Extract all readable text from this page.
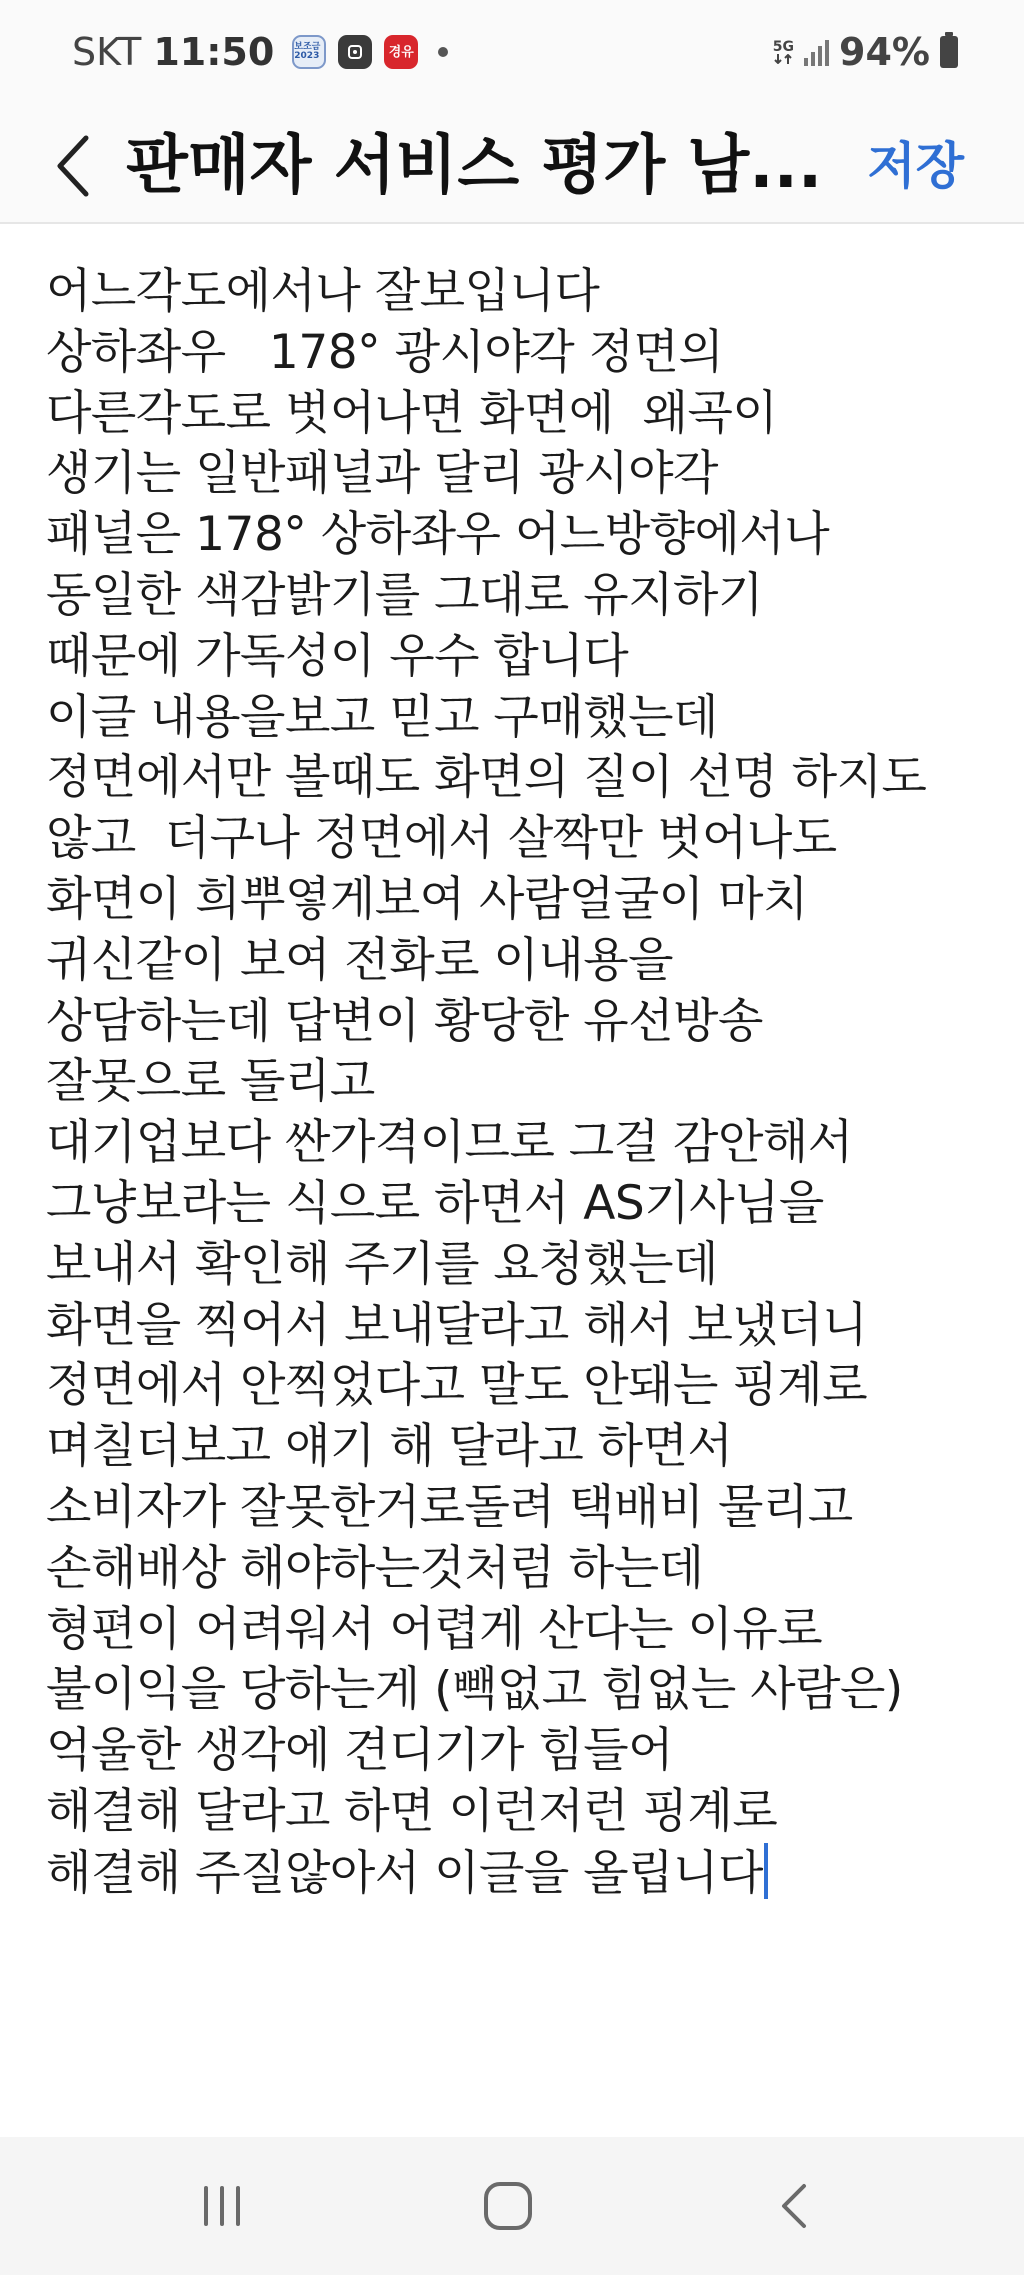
SKT 11:50 보조금 2023	경유	5G 94%
판매자 서비스 평가 남... 저장
어느각도에서나 잘보입니다
상하좌우   178° 광시야각 정면의
다른각도로 벗어나면 화면에  왜곡이
생기는 일반패널과 달리 광시야각
패널은 178° 상하좌우 어느방향에서나
동일한 색감밝기를 그대로 유지하기
때문에 가독성이 우수 합니다
이글 내용을보고 믿고 구매했는데
정면에서만 볼때도 화면의 질이 선명 하지도
않고  더구나 정면에서 살짝만 벗어나도
화면이 희뿌옇게보여 사람얼굴이 마치
귀신같이 보여 전화로 이내용을
상담하는데 답변이 황당한 유선방송
잘못으로 돌리고
대기업보다 싼가격이므로 그걸 감안해서
그냥보라는 식으로 하면서 AS기사님을
보내서 확인해 주기를 요청했는데
화면을 찍어서 보내달라고 해서 보냈더니
정면에서 안찍었다고 말도 안돼는 핑계로
며칠더보고 얘기 해 달라고 하면서
소비자가 잘못한거로돌려 택배비 물리고
손해배상 해야하는것처럼 하는데
형편이 어려워서 어렵게 산다는 이유로
불이익을 당하는게 (빽없고 힘없는 사람은)
억울한 생각에 견디기가 힘들어
해결해 달라고 하면 이런저런 핑계로
해결해 주질않아서 이글을 올립니다
